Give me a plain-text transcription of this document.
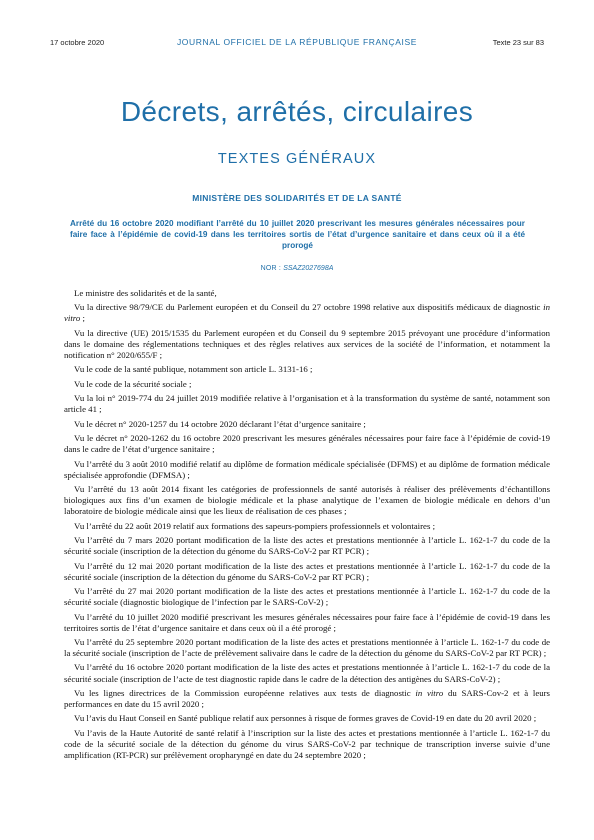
17 octobre 2020	JOURNAL OFFICIEL DE LA RÉPUBLIQUE FRANÇAISE	Texte 23 sur 83
Décrets, arrêtés, circulaires
TEXTES GÉNÉRAUX
MINISTÈRE DES SOLIDARITÉS ET DE LA SANTÉ
Arrêté du 16 octobre 2020 modifiant l’arrêté du 10 juillet 2020 prescrivant les mesures générales nécessaires pour faire face à l’épidémie de covid-19 dans les territoires sortis de l’état d’urgence sanitaire et dans ceux où il a été prorogé
NOR : SSAZ2027698A

Le ministre des solidarités et de la santé,

Vu la directive 98/79/CE du Parlement européen et du Conseil du 27 octobre 1998 relative aux dispositifs médicaux de diagnostic in vitro ;

Vu la directive (UE) 2015/1535 du Parlement européen et du Conseil du 9 septembre 2015 prévoyant une procédure d’information dans le domaine des réglementations techniques et des règles relatives aux services de la société de l’information, et notamment la notification n° 2020/655/F ;

Vu le code de la santé publique, notamment son article L. 3131-16 ;

Vu le code de la sécurité sociale ;

Vu la loi n° 2019-774 du 24 juillet 2019 modifiée relative à l’organisation et à la transformation du système de santé, notamment son article 41 ;

Vu le décret n° 2020-1257 du 14 octobre 2020 déclarant l’état d’urgence sanitaire ;

Vu le décret n° 2020-1262 du 16 octobre 2020 prescrivant les mesures générales nécessaires pour faire face à l’épidémie de covid-19 dans le cadre de l’état d’urgence sanitaire ;

Vu l’arrêté du 3 août 2010 modifié relatif au diplôme de formation médicale spécialisée (DFMS) et au diplôme de formation médicale spécialisée approfondie (DFMSA) ;

Vu l’arrêté du 13 août 2014 fixant les catégories de professionnels de santé autorisés à réaliser des prélèvements d’échantillons biologiques aux fins d’un examen de biologie médicale et la phase analytique de l’examen de biologie médicale en dehors d’un laboratoire de biologie médicale ainsi que les lieux de réalisation de ces phases ;

Vu l’arrêté du 22 août 2019 relatif aux formations des sapeurs-pompiers professionnels et volontaires ;

Vu l’arrêté du 7 mars 2020 portant modification de la liste des actes et prestations mentionnée à l’article L. 162-1-7 du code de la sécurité sociale (inscription de la détection du génome du SARS-CoV-2 par RT PCR) ;

Vu l’arrêté du 12 mai 2020 portant modification de la liste des actes et prestations mentionnée à l’article L. 162-1-7 du code de la sécurité sociale (inscription de la détection du génome du SARS-CoV-2 par RT PCR) ;

Vu l’arrêté du 27 mai 2020 portant modification de la liste des actes et prestations mentionnée à l’article L. 162-1-7 du code de la sécurité sociale (diagnostic biologique de l’infection par le SARS-CoV-2) ;

Vu l’arrêté du 10 juillet 2020 modifié prescrivant les mesures générales nécessaires pour faire face à l’épidémie de covid-19 dans les territoires sortis de l’état d’urgence sanitaire et dans ceux où il a été prorogé ;

Vu l’arrêté du 25 septembre 2020 portant modification de la liste des actes et prestations mentionnée à l’article L. 162-1-7 du code de la sécurité sociale (inscription de l’acte de prélèvement salivaire dans le cadre de la détection du génome du SARS-CoV-2 par RT PCR) ;

Vu l’arrêté du 16 octobre 2020 portant modification de la liste des actes et prestations mentionnée à l’article L. 162-1-7 du code de la sécurité sociale (inscription de l’acte de test diagnostic rapide dans le cadre de la détection des antigènes du SARS-CoV-2) ;

Vu les lignes directrices de la Commission européenne relatives aux tests de diagnostic in vitro du SARS-Cov-2 et à leurs performances en date du 15 avril 2020 ;

Vu l’avis du Haut Conseil en Santé publique relatif aux personnes à risque de formes graves de Covid-19 en date du 20 avril 2020 ;

Vu l’avis de la Haute Autorité de santé relatif à l’inscription sur la liste des actes et prestations mentionnée à l’article L. 162-1-7 du code de la sécurité sociale de la détection du génome du virus SARS-CoV-2 par technique de transcription inverse suivie d’une amplification (RT-PCR) sur prélèvement oropharyngé en date du 24 septembre 2020 ;
